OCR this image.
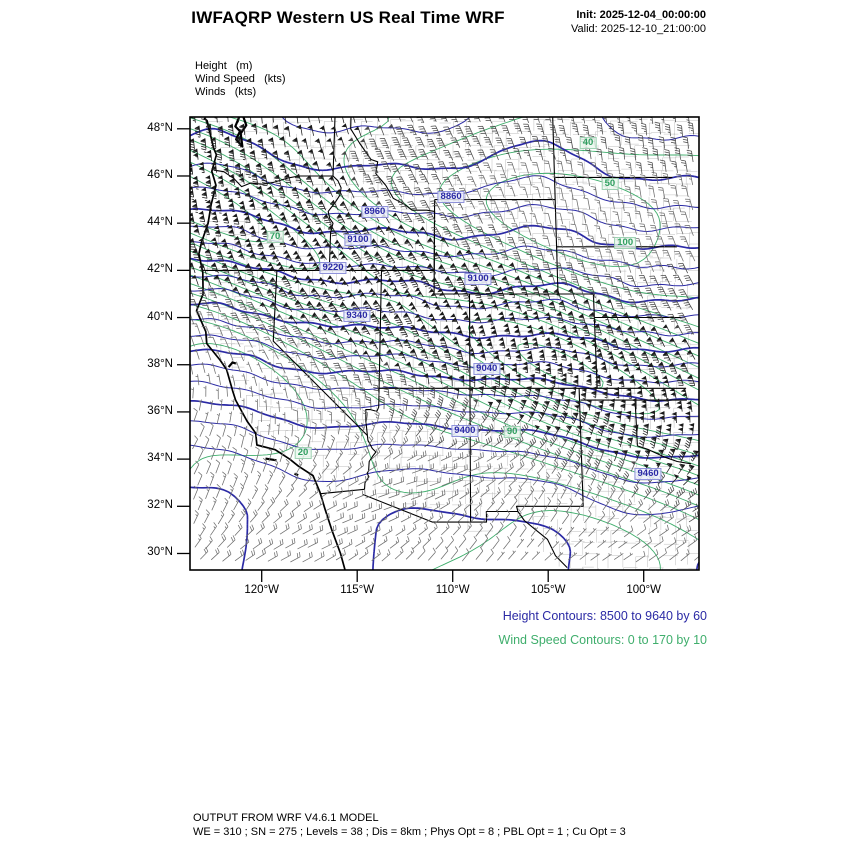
IWFAQRP Western US Real Time WRF	Init: 2025-12-04_00:00:00
Valid: 2025-12-10_21:00:00
Height   (m)
Wind Speed   (kts)
Winds   (kts)
48°N
46°N
44°N
42°N
40°N
38°N
36°N
34°N
32°N
30°N
120°W	115°W	110°W	105°W	100°W
8860
8960
9100
9220
9100
9340
9040
9400
9460
40
50
70
100
90
20
Height Contours: 8500 to 9640 by 60
Wind Speed Contours: 0 to 170 by 10
OUTPUT FROM WRF V4.6.1 MODEL
WE = 310 ; SN = 275 ; Levels = 38 ; Dis = 8km ; Phys Opt = 8 ; PBL Opt = 1 ; Cu Opt = 3
